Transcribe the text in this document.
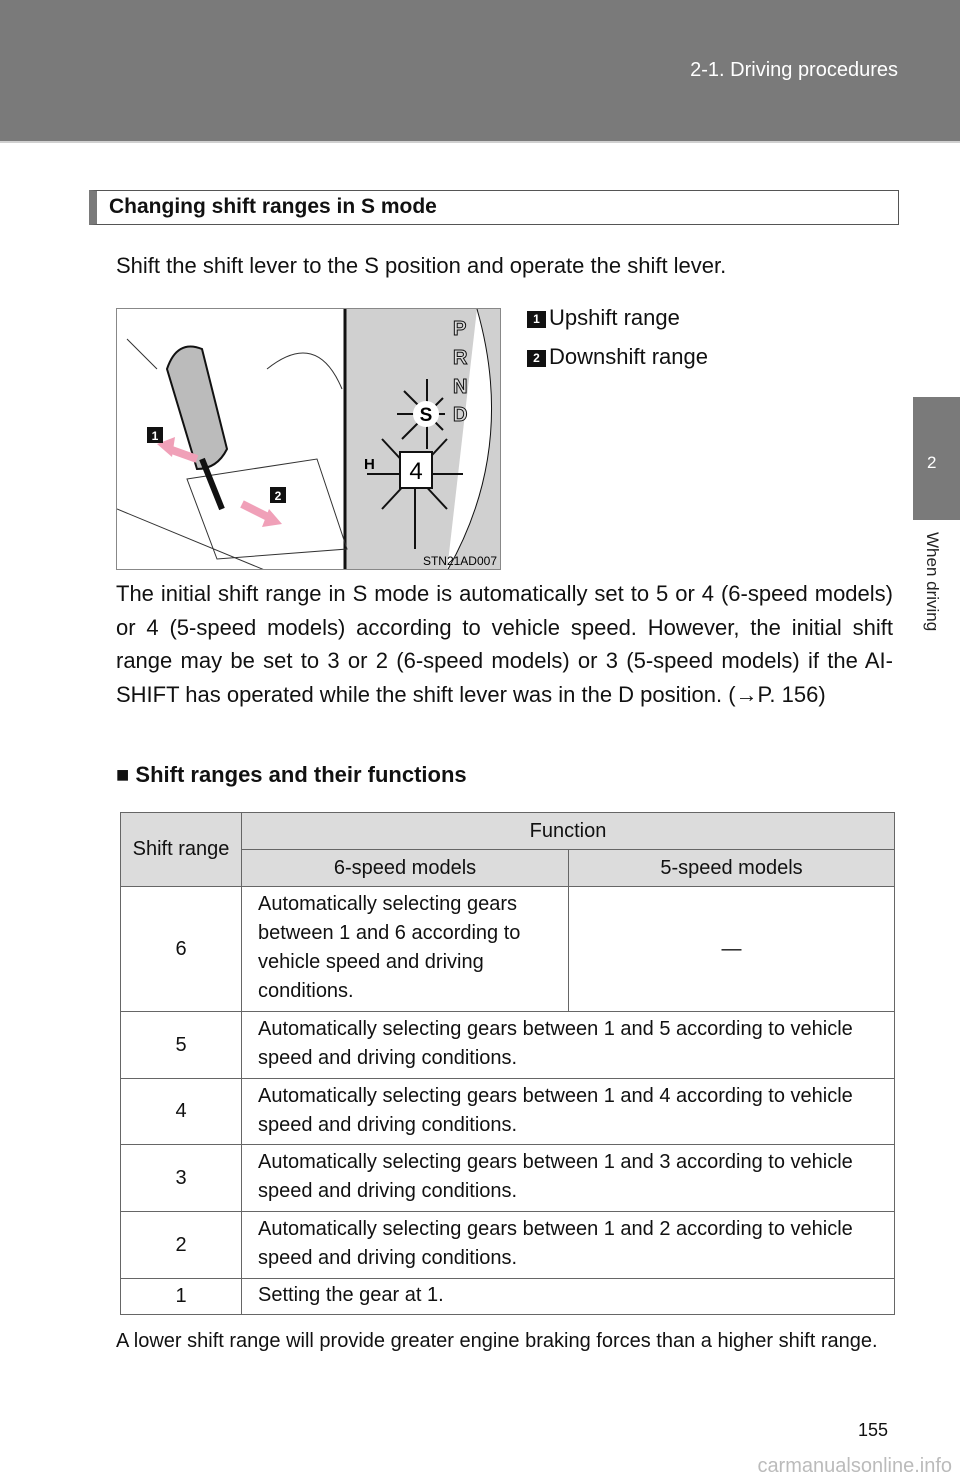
2-1. Driving procedures
2
When driving
Changing shift ranges in S mode
Shift the shift lever to the S position and operate the shift lever.
1
2
S
4
H
P
R
N
D
STN21AD007
1 Upshift range
2 Downshift range
The initial shift range in S mode is automatically set to 5 or 4 (6-speed models) or 4 (5-speed models) according to vehicle speed. However, the initial shift range may be set to 3 or 2 (6-speed models) or 3 (5-speed models) if the AI-SHIFT has operated while the shift lever was in the D position. (→P. 156)
■ Shift ranges and their functions
Shift range	Function	
	6-speed models	5-speed models
6	Automatically selecting gears between 1 and 6 according to vehicle speed and driving conditions.	—
5	Automatically selecting gears between 1 and 5 according to vehicle speed and driving conditions.	
4	Automatically selecting gears between 1 and 4 according to vehicle speed and driving conditions.	
3	Automatically selecting gears between 1 and 3 according to vehicle speed and driving conditions.	
2	Automatically selecting gears between 1 and 2 according to vehicle speed and driving conditions.	
1	Setting the gear at 1.	
A lower shift range will provide greater engine braking forces than a higher shift range.
155
carmanualsonline.info
